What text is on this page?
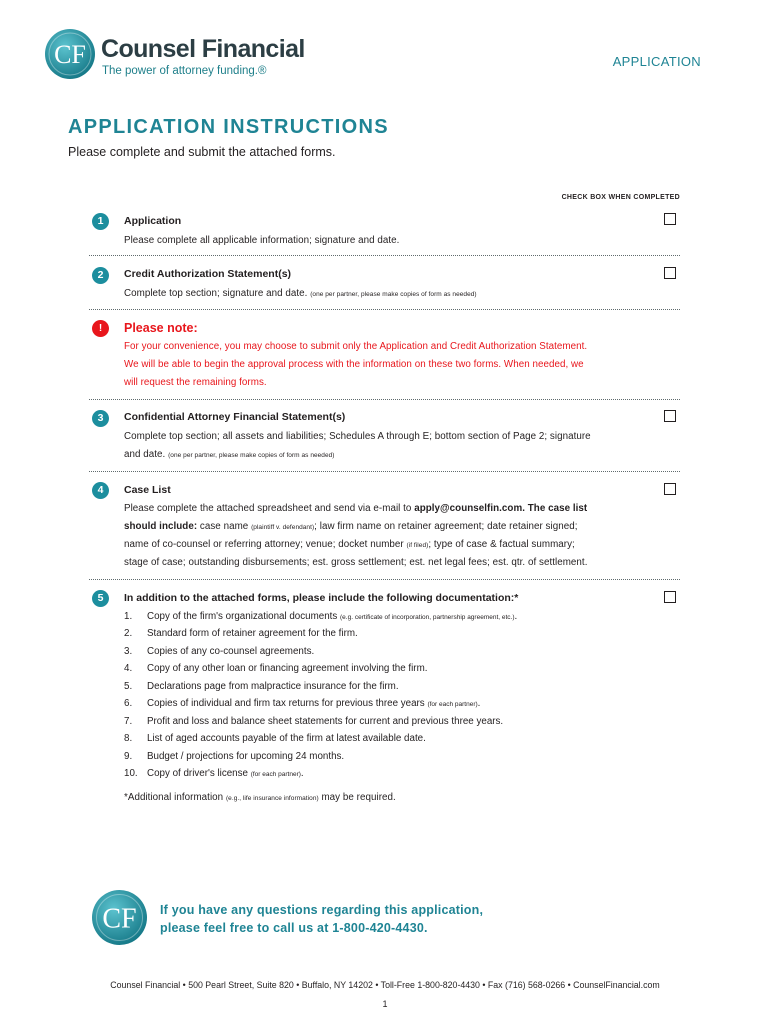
CF Counsel Financial
The power of attorney funding.®
APPLICATION
APPLICATION INSTRUCTIONS
Please complete and submit the attached forms.
CHECK BOX WHEN COMPLETED
1	Application
Please complete all applicable information; signature and date.
2	Credit Authorization Statement(s)
Complete top section; signature and date. (one per partner, please make copies of form as needed)
!	Please note:
For your convenience, you may choose to submit only the Application and Credit Authorization Statement.
We will be able to begin the approval process with the information on these two forms. When needed, we
will request the remaining forms.
3	Confidential Attorney Financial Statement(s)
Complete top section; all assets and liabilities; Schedules A through E; bottom section of Page 2; signature
and date. (one per partner, please make copies of form as needed)
4	Case List
Please complete the attached spreadsheet and send via e-mail to apply@counselfin.com. The case list
should include: case name (plaintiff v. defendant); law firm name on retainer agreement; date retainer signed;
name of co-counsel or referring attorney; venue; docket number (if filed); type of case & factual summary;
stage of case; outstanding disbursements; est. gross settlement; est. net legal fees; est. qtr. of settlement.
5	In addition to the attached forms, please include the following documentation:*
1. Copy of the firm's organizational documents (e.g. certificate of incorporation, partnership agreement, etc.).
2. Standard form of retainer agreement for the firm.
3. Copies of any co-counsel agreements.
4. Copy of any other loan or financing agreement involving the firm.
5. Declarations page from malpractice insurance for the firm.
6. Copies of individual and firm tax returns for previous three years (for each partner).
7. Profit and loss and balance sheet statements for current and previous three years.
8. List of aged accounts payable of the firm at latest available date.
9. Budget / projections for upcoming 24 months.
10. Copy of driver's license (for each partner).
*Additional information (e.g., life insurance information) may be required.
CF If you have any questions regarding this application,
please feel free to call us at 1-800-420-4430.
Counsel Financial • 500 Pearl Street, Suite 820 • Buffalo, NY 14202 • Toll-Free 1-800-820-4430 • Fax (716) 568-0266 • CounselFinancial.com
1
